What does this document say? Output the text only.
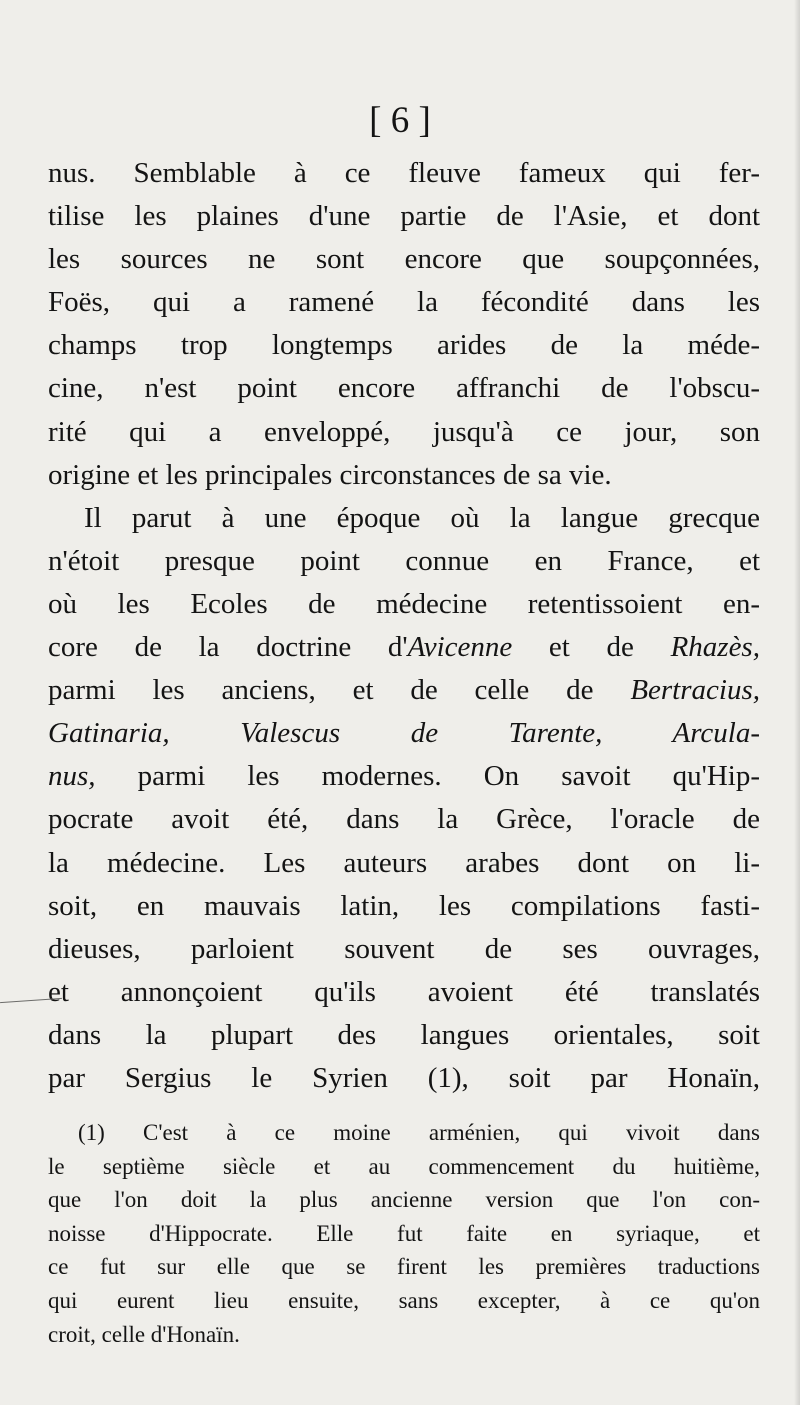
[ 6 ]
nus. Semblable à ce fleuve fameux qui fer-
tilise les plaines d'une partie de l'Asie, et dont
les sources ne sont encore que soupçonnées,
Foës, qui a ramené la fécondité dans les
champs trop longtemps arides de la méde-
cine, n'est point encore affranchi de l'obscu-
rité qui a enveloppé, jusqu'à ce jour, son
origine et les principales circonstances de sa vie.
Il parut à une époque où la langue grecque
n'étoit presque point connue en France, et
où les Ecoles de médecine retentissoient en-
core de la doctrine d'Avicenne et de Rhazès,
parmi les anciens, et de celle de Bertracius,
Gatinaria, Valescus de Tarente, Arcula-
nus, parmi les modernes. On savoit qu'Hip-
pocrate avoit été, dans la Grèce, l'oracle de
la médecine. Les auteurs arabes dont on li-
soit, en mauvais latin, les compilations fasti-
dieuses, parloient souvent de ses ouvrages,
et annonçoient qu'ils avoient été translatés
dans la plupart des langues orientales, soit
par Sergius le Syrien (1), soit par Honaïn,
(1) C'est à ce moine arménien, qui vivoit dans
le septième siècle et au commencement du huitième,
que l'on doit la plus ancienne version que l'on con-
noisse d'Hippocrate. Elle fut faite en syriaque, et
ce fut sur elle que se firent les premières traductions
qui eurent lieu ensuite, sans excepter, à ce qu'on
croit, celle d'Honaïn.
